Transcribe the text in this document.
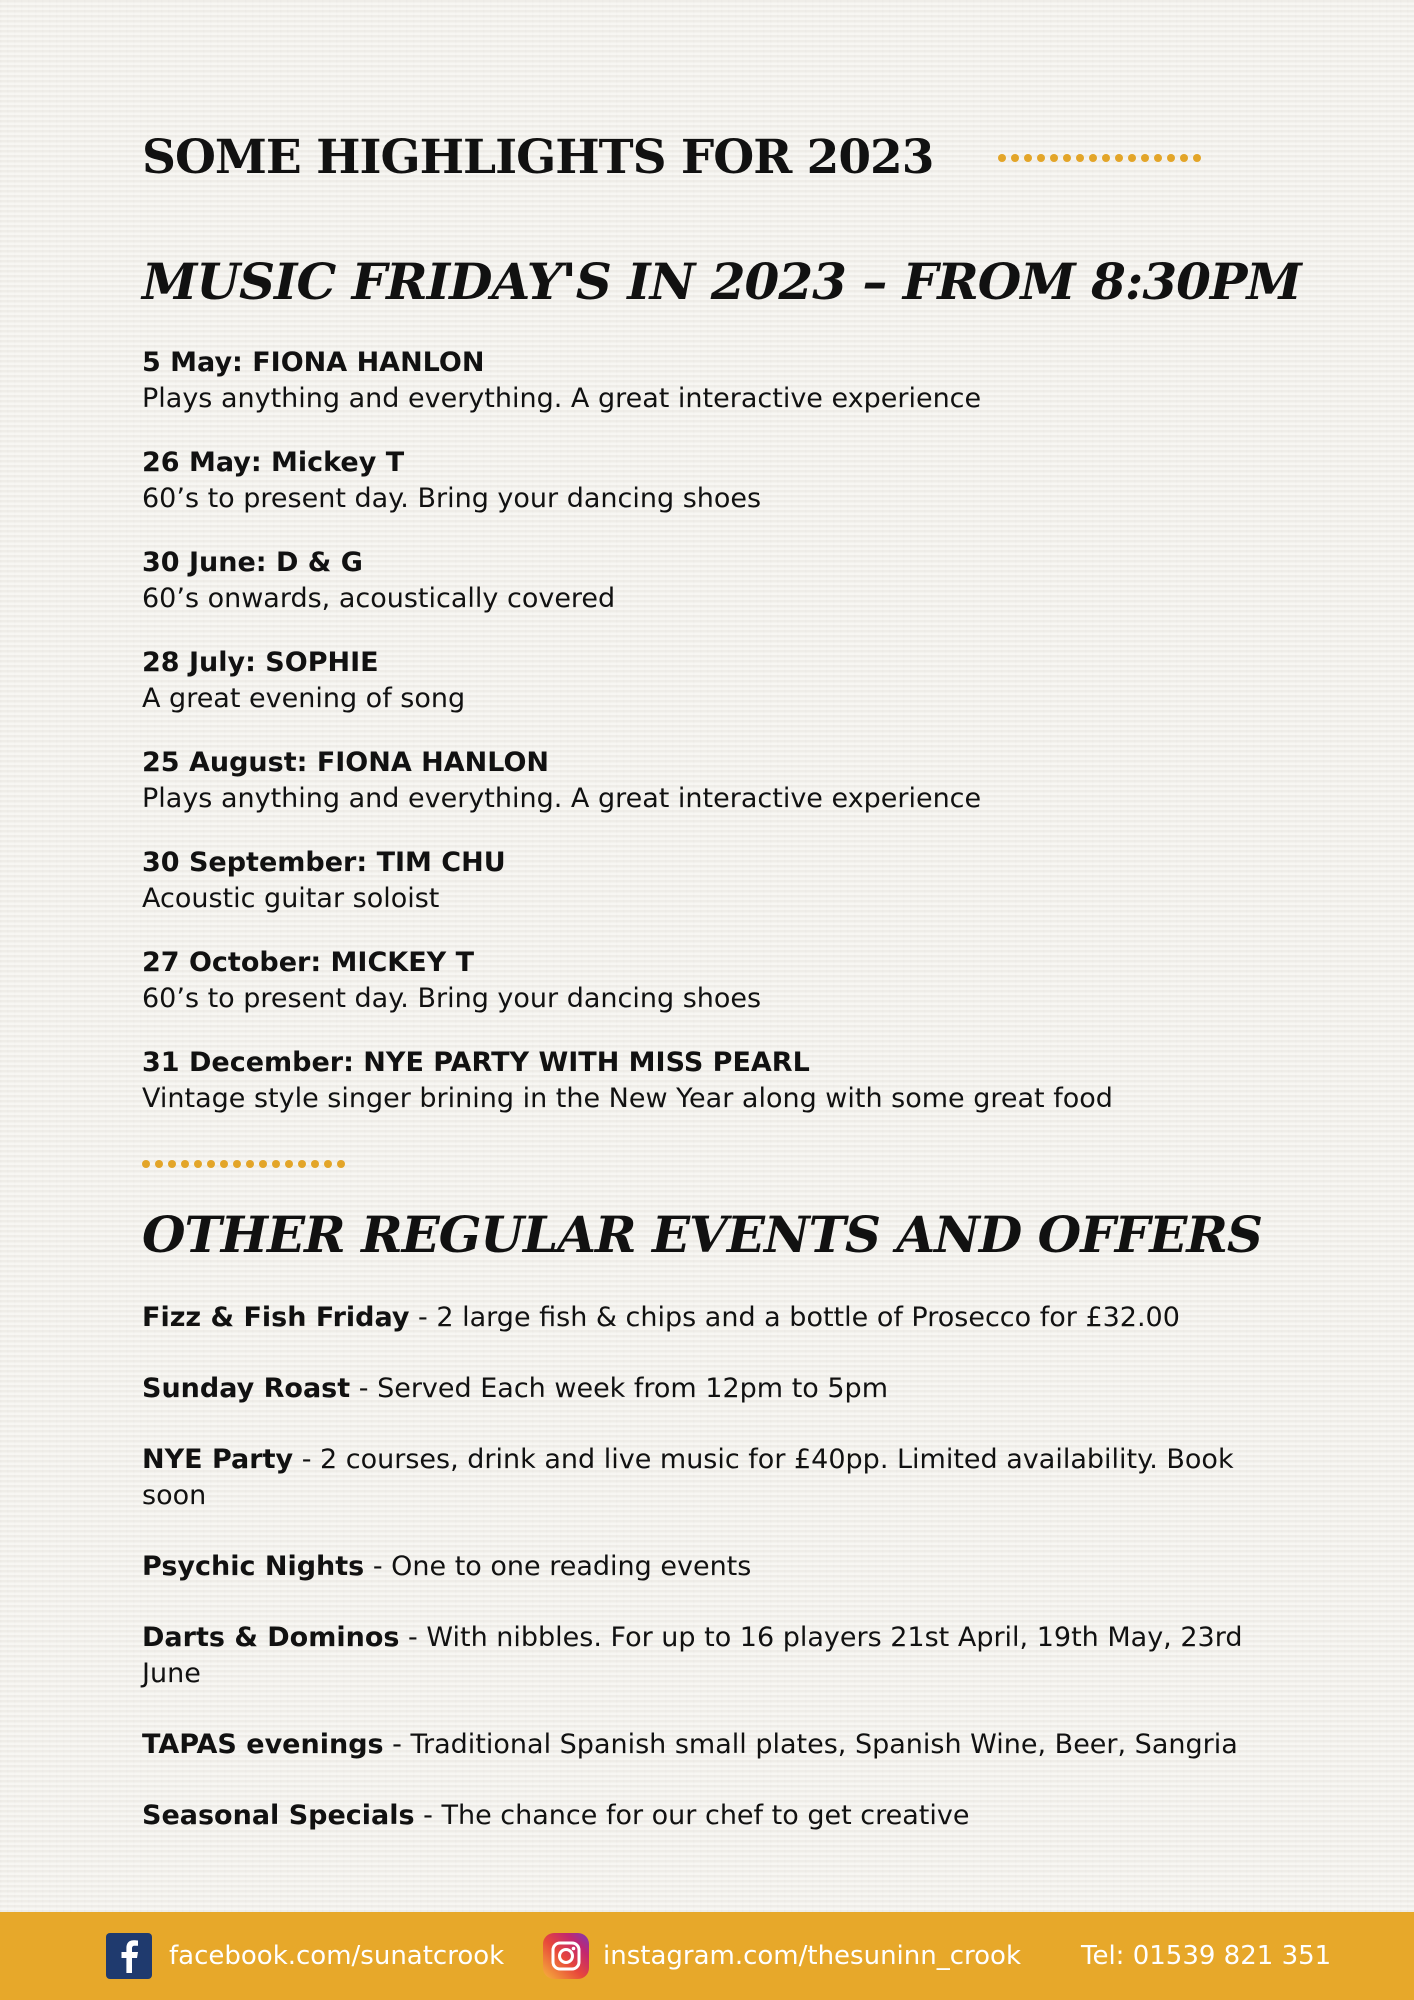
SOME HIGHLIGHTS FOR 2023
MUSIC FRIDAY'S IN 2023 – FROM 8:30PM
5 May: FIONA HANLON
Plays anything and everything. A great interactive experience
26 May: Mickey T
60’s to present day. Bring your dancing shoes
30 June: D & G
60’s onwards, acoustically covered
28 July: SOPHIE
A great evening of song
25 August: FIONA HANLON
Plays anything and everything. A great interactive experience
30 September: TIM CHU
Acoustic guitar soloist
27 October: MICKEY T
60’s to present day. Bring your dancing shoes
31 December: NYE PARTY WITH MISS PEARL
Vintage style singer brining in the New Year along with some great food
OTHER REGULAR EVENTS AND OFFERS

Fizz & Fish Friday - 2 large fish & chips and a bottle of Prosecco for £32.00

Sunday Roast - Served Each week from 12pm to 5pm

NYE Party - 2 courses, drink and live music for £40pp. Limited availability. Book soon

Psychic Nights - One to one reading events

Darts & Dominos - With nibbles. For up to 16 players 21st April, 19th May, 23rd June

TAPAS evenings - Traditional Spanish small plates, Spanish Wine, Beer, Sangria

Seasonal Specials - The chance for our chef to get creative

facebook.com/sunatcrook	instagram.com/thesuninn_crook Tel: 01539 821 351
